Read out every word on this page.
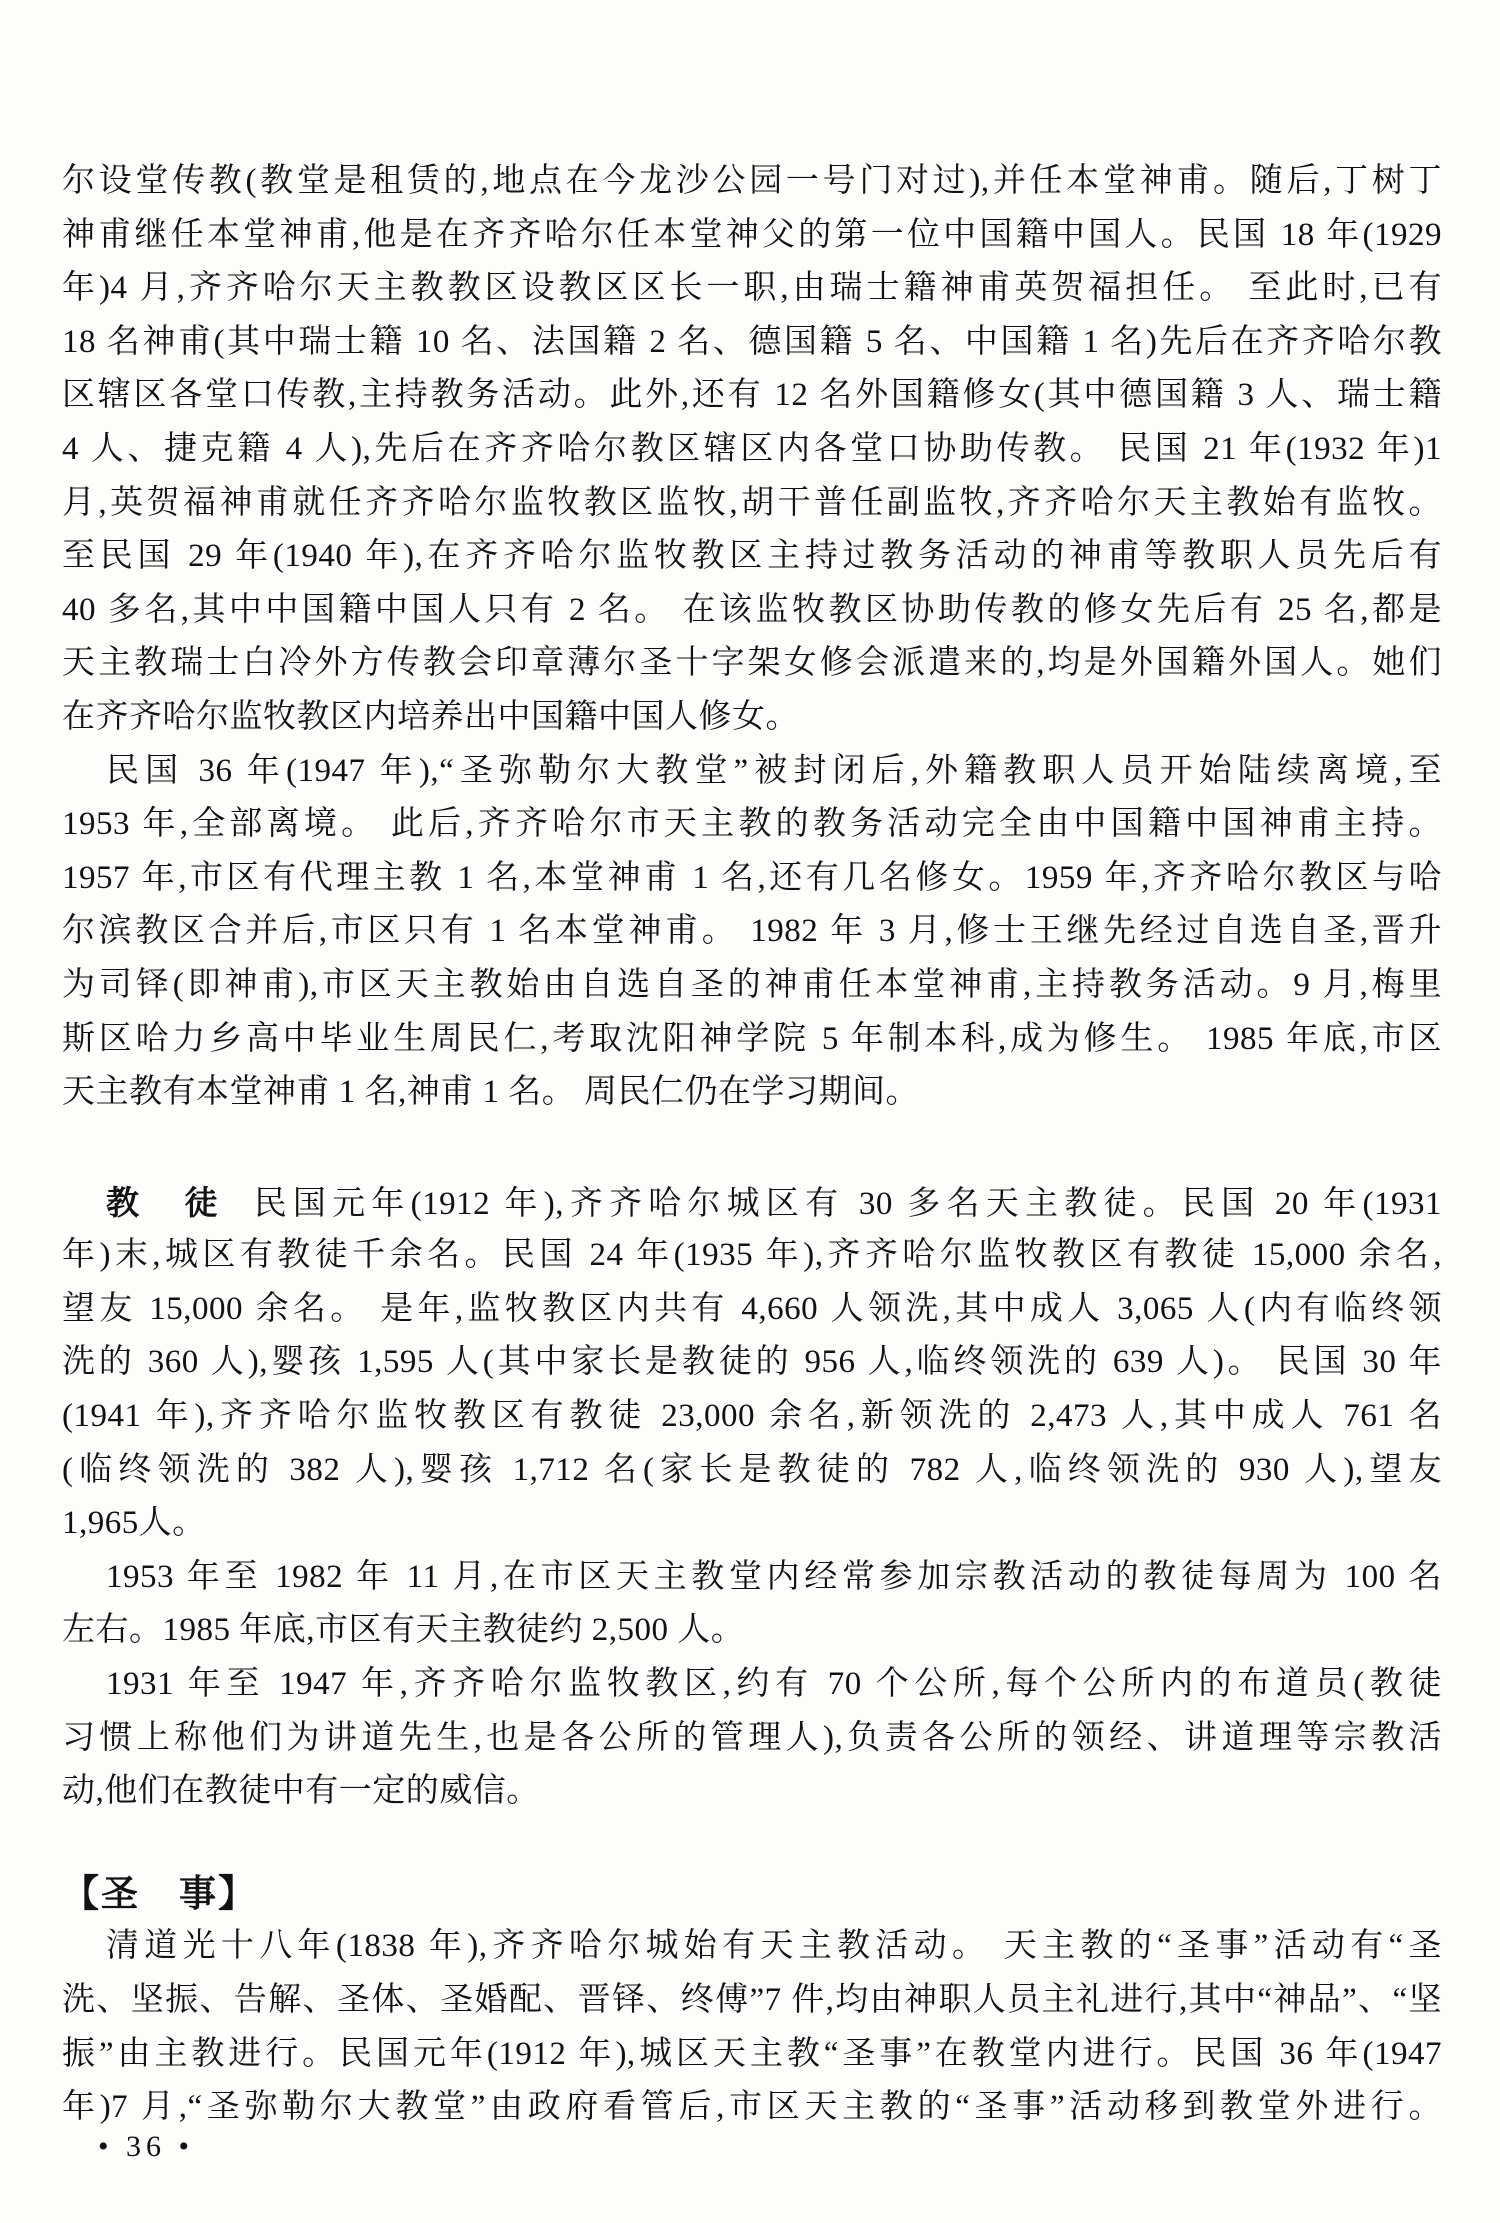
尔设堂传教(教堂是租赁的,地点在今龙沙公园一号门对过),并任本堂神甫。随后,丁树丁
神甫继任本堂神甫,他是在齐齐哈尔任本堂神父的第一位中国籍中国人。民国 18 年(1929
年)4 月,齐齐哈尔天主教教区设教区区长一职,由瑞士籍神甫英贺福担任。 至此时,已有
18 名神甫(其中瑞士籍 10 名、法国籍 2 名、德国籍 5 名、中国籍 1 名)先后在齐齐哈尔教
区辖区各堂口传教,主持教务活动。此外,还有 12 名外国籍修女(其中德国籍 3 人、瑞士籍
4 人、捷克籍 4 人),先后在齐齐哈尔教区辖区内各堂口协助传教。 民国 21 年(1932 年)1
月,英贺福神甫就任齐齐哈尔监牧教区监牧,胡干普任副监牧,齐齐哈尔天主教始有监牧。
至民国 29 年(1940 年),在齐齐哈尔监牧教区主持过教务活动的神甫等教职人员先后有
40 多名,其中中国籍中国人只有 2 名。 在该监牧教区协助传教的修女先后有 25 名,都是
天主教瑞士白冷外方传教会印章薄尔圣十字架女修会派遣来的,均是外国籍外国人。她们
在齐齐哈尔监牧教区内培养出中国籍中国人修女。
民国 36 年(1947 年),“圣弥勒尔大教堂”被封闭后,外籍教职人员开始陆续离境,至
1953 年,全部离境。 此后,齐齐哈尔市天主教的教务活动完全由中国籍中国神甫主持。
1957 年,市区有代理主教 1 名,本堂神甫 1 名,还有几名修女。1959 年,齐齐哈尔教区与哈
尔滨教区合并后,市区只有 1 名本堂神甫。 1982 年 3 月,修士王继先经过自选自圣,晋升
为司铎(即神甫),市区天主教始由自选自圣的神甫任本堂神甫,主持教务活动。9 月,梅里
斯区哈力乡高中毕业生周民仁,考取沈阳神学院 5 年制本科,成为修生。 1985 年底,市区
天主教有本堂神甫 1 名,神甫 1 名。 周民仁仍在学习期间。
教　徒 民国元年(1912 年),齐齐哈尔城区有 30 多名天主教徒。民国 20 年(1931
年)末,城区有教徒千余名。民国 24 年(1935 年),齐齐哈尔监牧教区有教徒 15,000 余名,
望友 15,000 余名。 是年,监牧教区内共有 4,660 人领洗,其中成人 3,065 人(内有临终领
洗的 360 人),婴孩 1,595 人(其中家长是教徒的 956 人,临终领洗的 639 人)。 民国 30 年
(1941 年),齐齐哈尔监牧教区有教徒 23,000 余名,新领洗的 2,473 人,其中成人 761 名
(临终领洗的 382 人),婴孩 1,712 名(家长是教徒的 782 人,临终领洗的 930 人),望友
1,965人。
1953 年至 1982 年 11 月,在市区天主教堂内经常参加宗教活动的教徒每周为 100 名
左右。1985 年底,市区有天主教徒约 2,500 人。
1931 年至 1947 年,齐齐哈尔监牧教区,约有 70 个公所,每个公所内的布道员(教徒
习惯上称他们为讲道先生,也是各公所的管理人),负责各公所的领经、讲道理等宗教活
动,他们在教徒中有一定的威信。
【圣　事】
清道光十八年(1838 年),齐齐哈尔城始有天主教活动。 天主教的“圣事”活动有“圣
洗、坚振、告解、圣体、圣婚配、晋铎、终傅”7 件,均由神职人员主礼进行,其中“神品”、“坚
振”由主教进行。民国元年(1912 年),城区天主教“圣事”在教堂内进行。民国 36 年(1947
年)7 月,“圣弥勒尔大教堂”由政府看管后,市区天主教的“圣事”活动移到教堂外进行。
• 36 •
